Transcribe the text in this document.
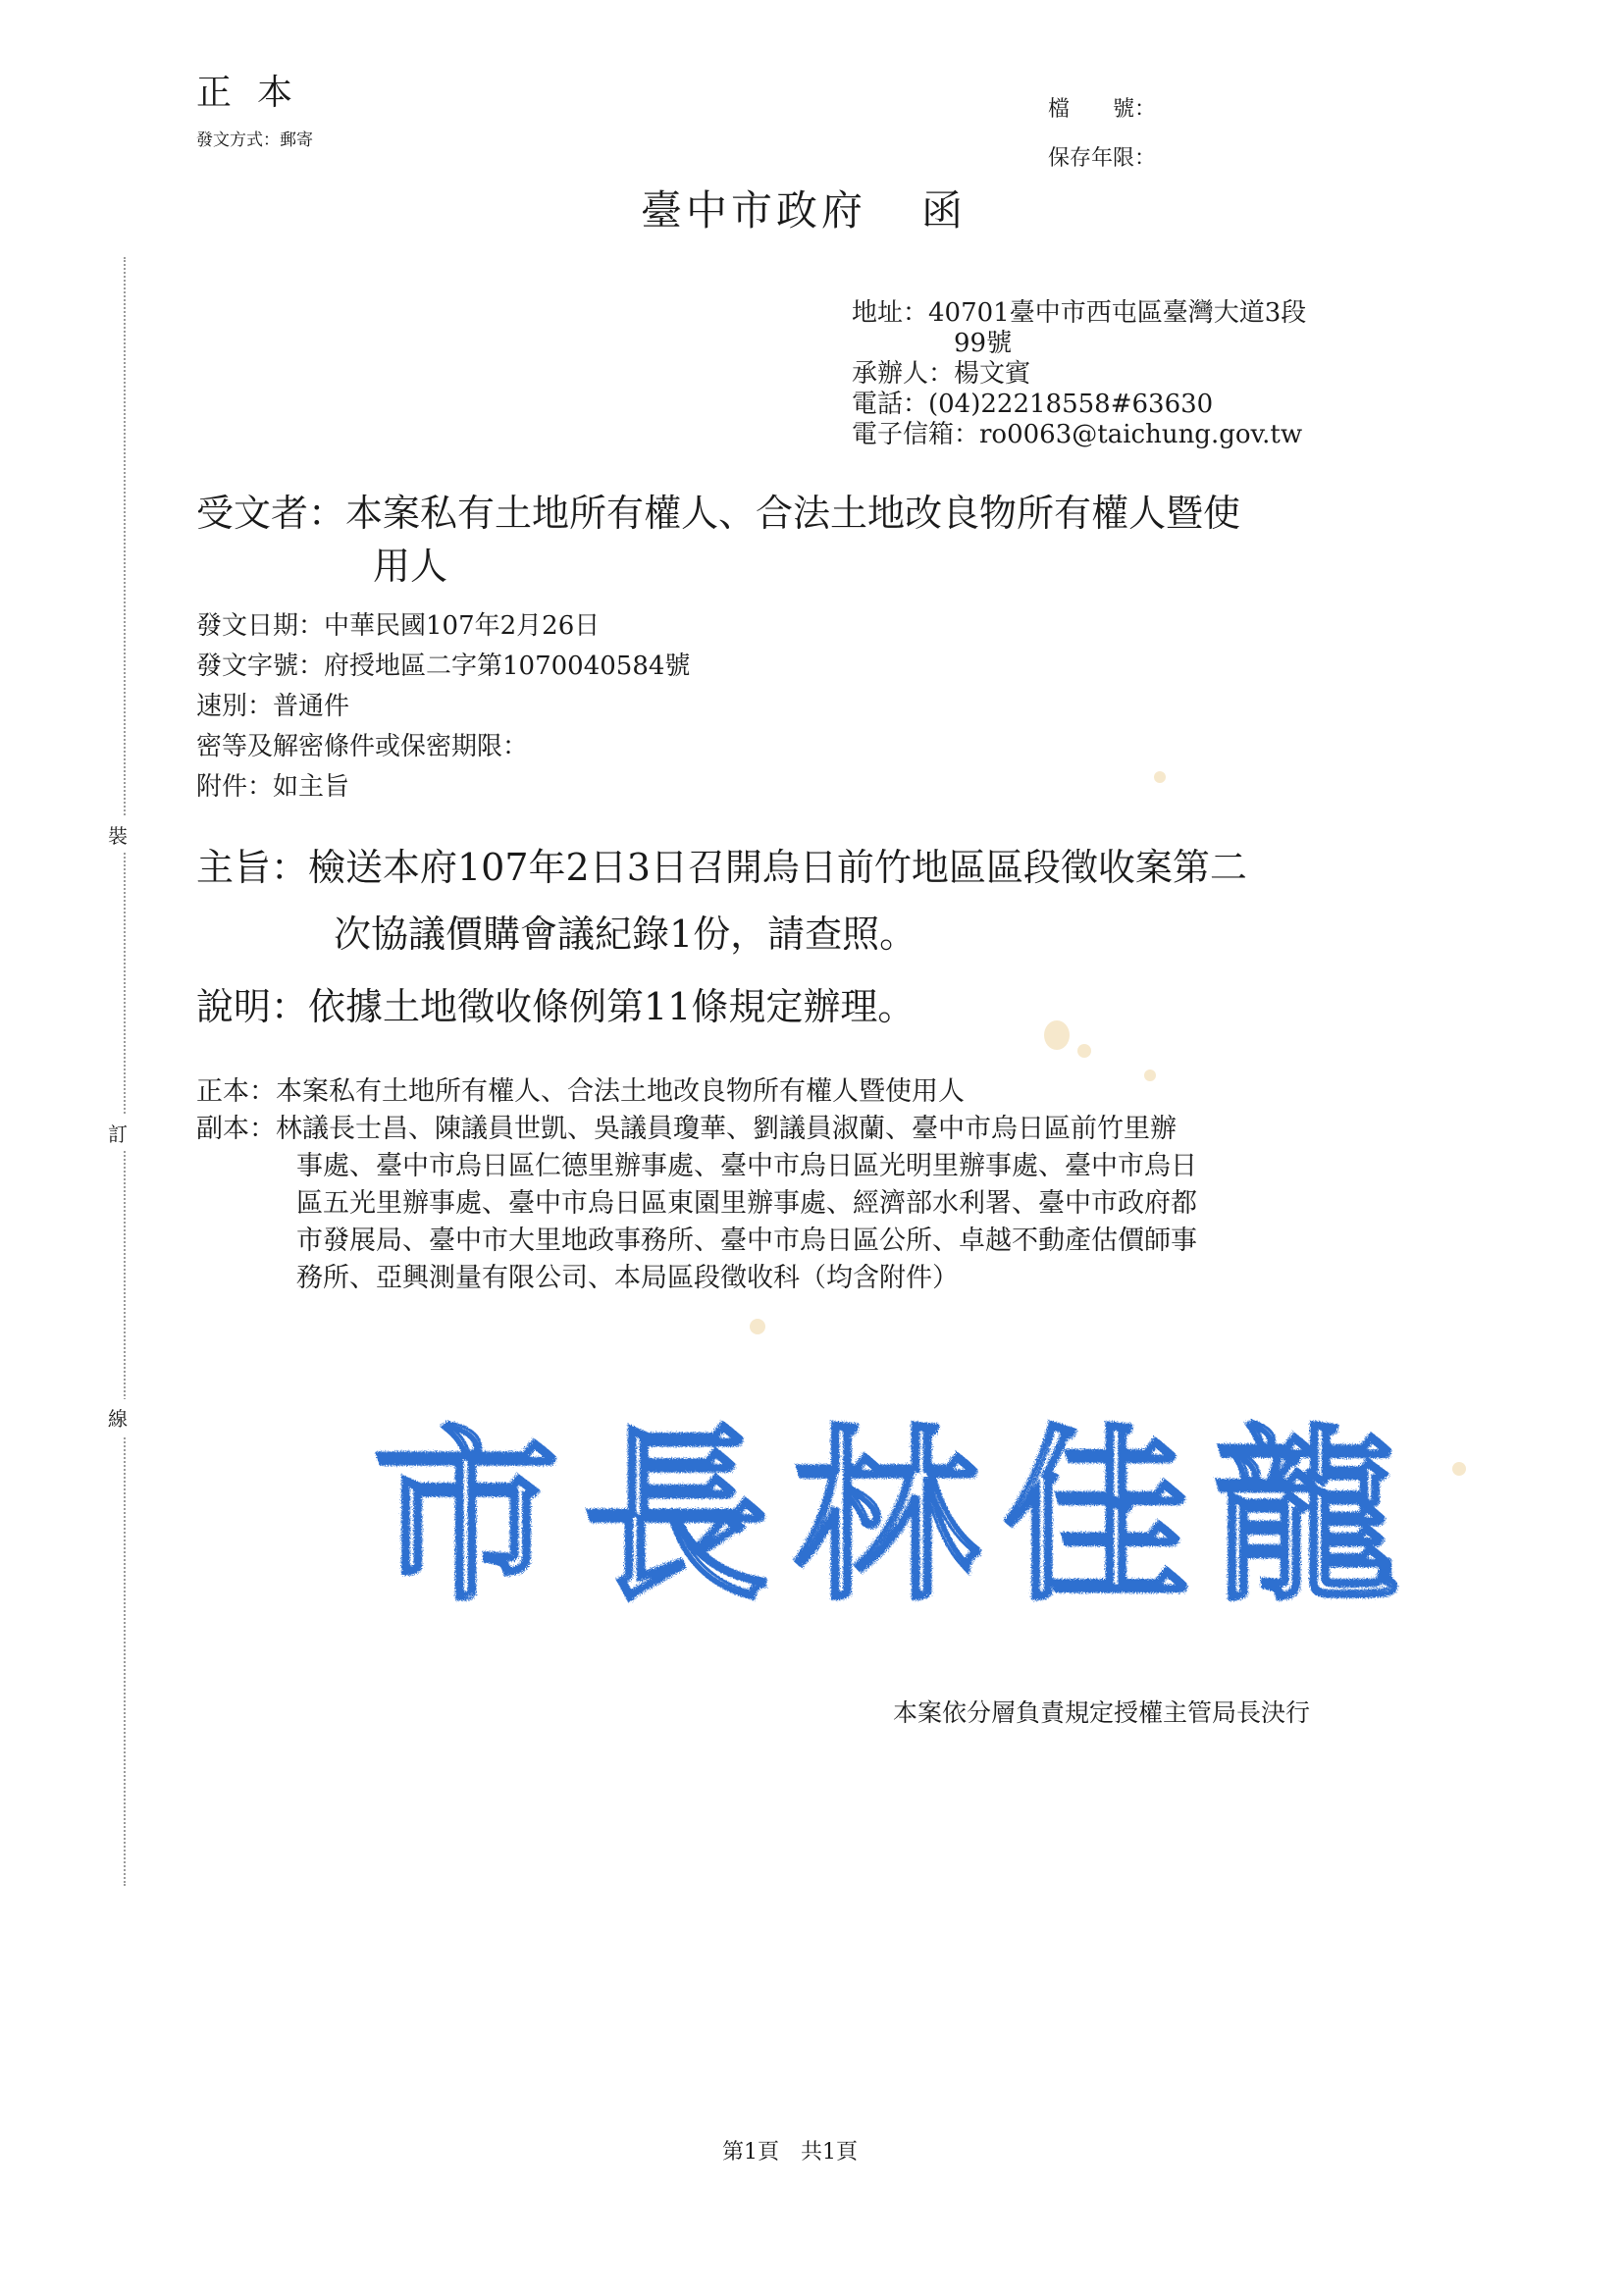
裝
訂
線
正本
發文方式：郵寄
檔　　號：
保存年限：
臺中市政府 函
地址：40701臺中市西屯區臺灣大道3段
99號
承辦人：楊文賓
電話：(04)22218558#63630
電子信箱：ro0063@taichung.gov.tw
受文者：本案私有土地所有權人、合法土地改良物所有權人暨使
用人
發文日期：中華民國107年2月26日
發文字號：府授地區二字第1070040584號
速別：普通件
密等及解密條件或保密期限：
附件：如主旨
主旨：檢送本府107年2日3日召開烏日前竹地區區段徵收案第二
次協議價購會議紀錄1份，請查照。
說明：依據土地徵收條例第11條規定辦理。
正本：本案私有土地所有權人、合法土地改良物所有權人暨使用人
副本：林議長士昌、陳議員世凱、吳議員瓊華、劉議員淑蘭、臺中市烏日區前竹里辦
事處、臺中市烏日區仁德里辦事處、臺中市烏日區光明里辦事處、臺中市烏日
區五光里辦事處、臺中市烏日區東園里辦事處、經濟部水利署、臺中市政府都
市發展局、臺中市大里地政事務所、臺中市烏日區公所、卓越不動產估價師事
務所、亞興測量有限公司、本局區段徵收科（均含附件）
市長林佳龍
本案依分層負責規定授權主管局長決行
第1頁　共1頁
